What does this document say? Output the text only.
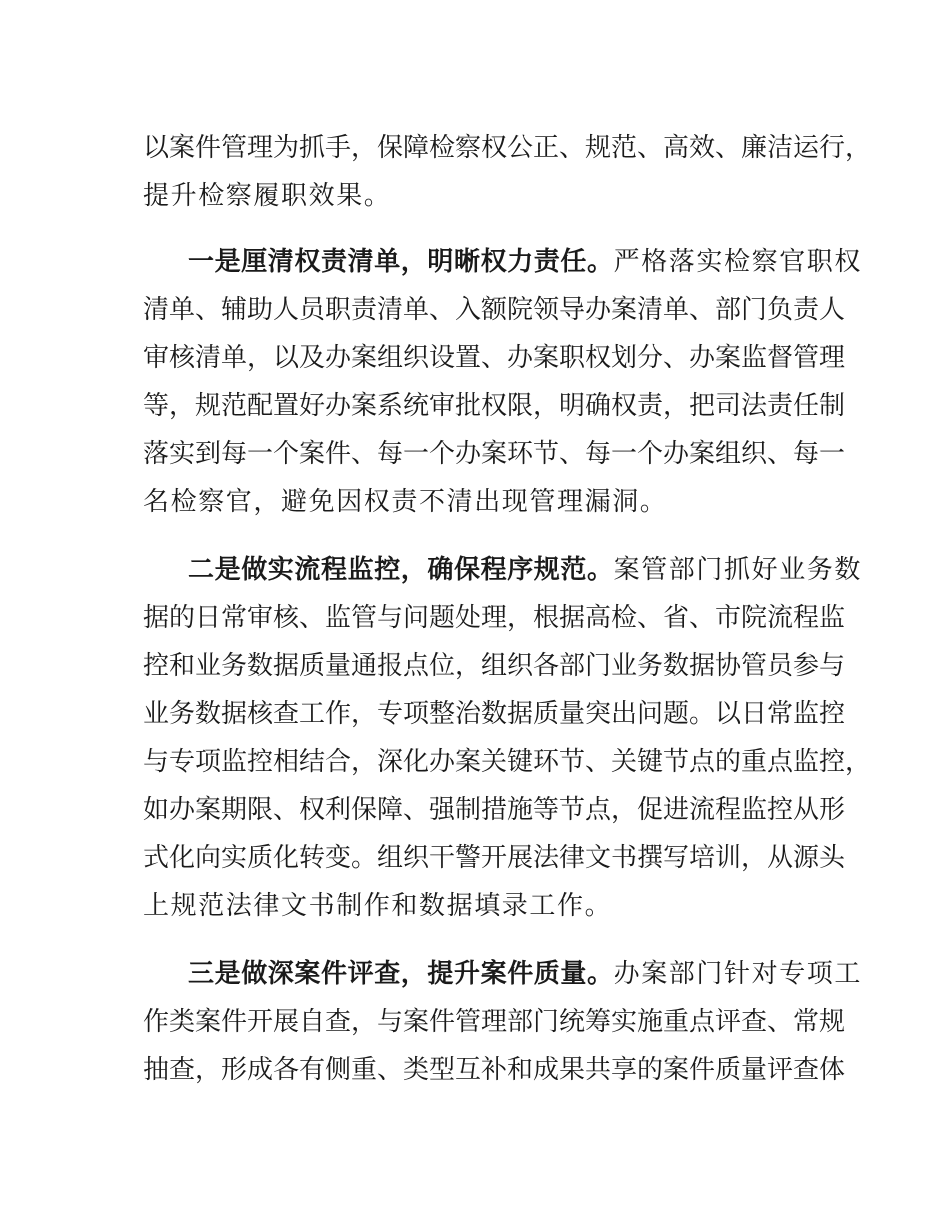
以案件管理为抓手，保障检察权公正、规范、高效、廉洁运行，
提升检察履职效果。
一是厘清权责清单，明晰权力责任。严格落实检察官职权
清单、辅助人员职责清单、入额院领导办案清单、部门负责人
审核清单，以及办案组织设置、办案职权划分、办案监督管理
等，规范配置好办案系统审批权限，明确权责，把司法责任制
落实到每一个案件、每一个办案环节、每一个办案组织、每一
名检察官，避免因权责不清出现管理漏洞。
二是做实流程监控，确保程序规范。案管部门抓好业务数
据的日常审核、监管与问题处理，根据高检、省、市院流程监
控和业务数据质量通报点位，组织各部门业务数据协管员参与
业务数据核查工作，专项整治数据质量突出问题。以日常监控
与专项监控相结合，深化办案关键环节、关键节点的重点监控，
如办案期限、权利保障、强制措施等节点，促进流程监控从形
式化向实质化转变。组织干警开展法律文书撰写培训，从源头
上规范法律文书制作和数据填录工作。
三是做深案件评查，提升案件质量。办案部门针对专项工
作类案件开展自查，与案件管理部门统筹实施重点评查、常规
抽查，形成各有侧重、类型互补和成果共享的案件质量评查体
